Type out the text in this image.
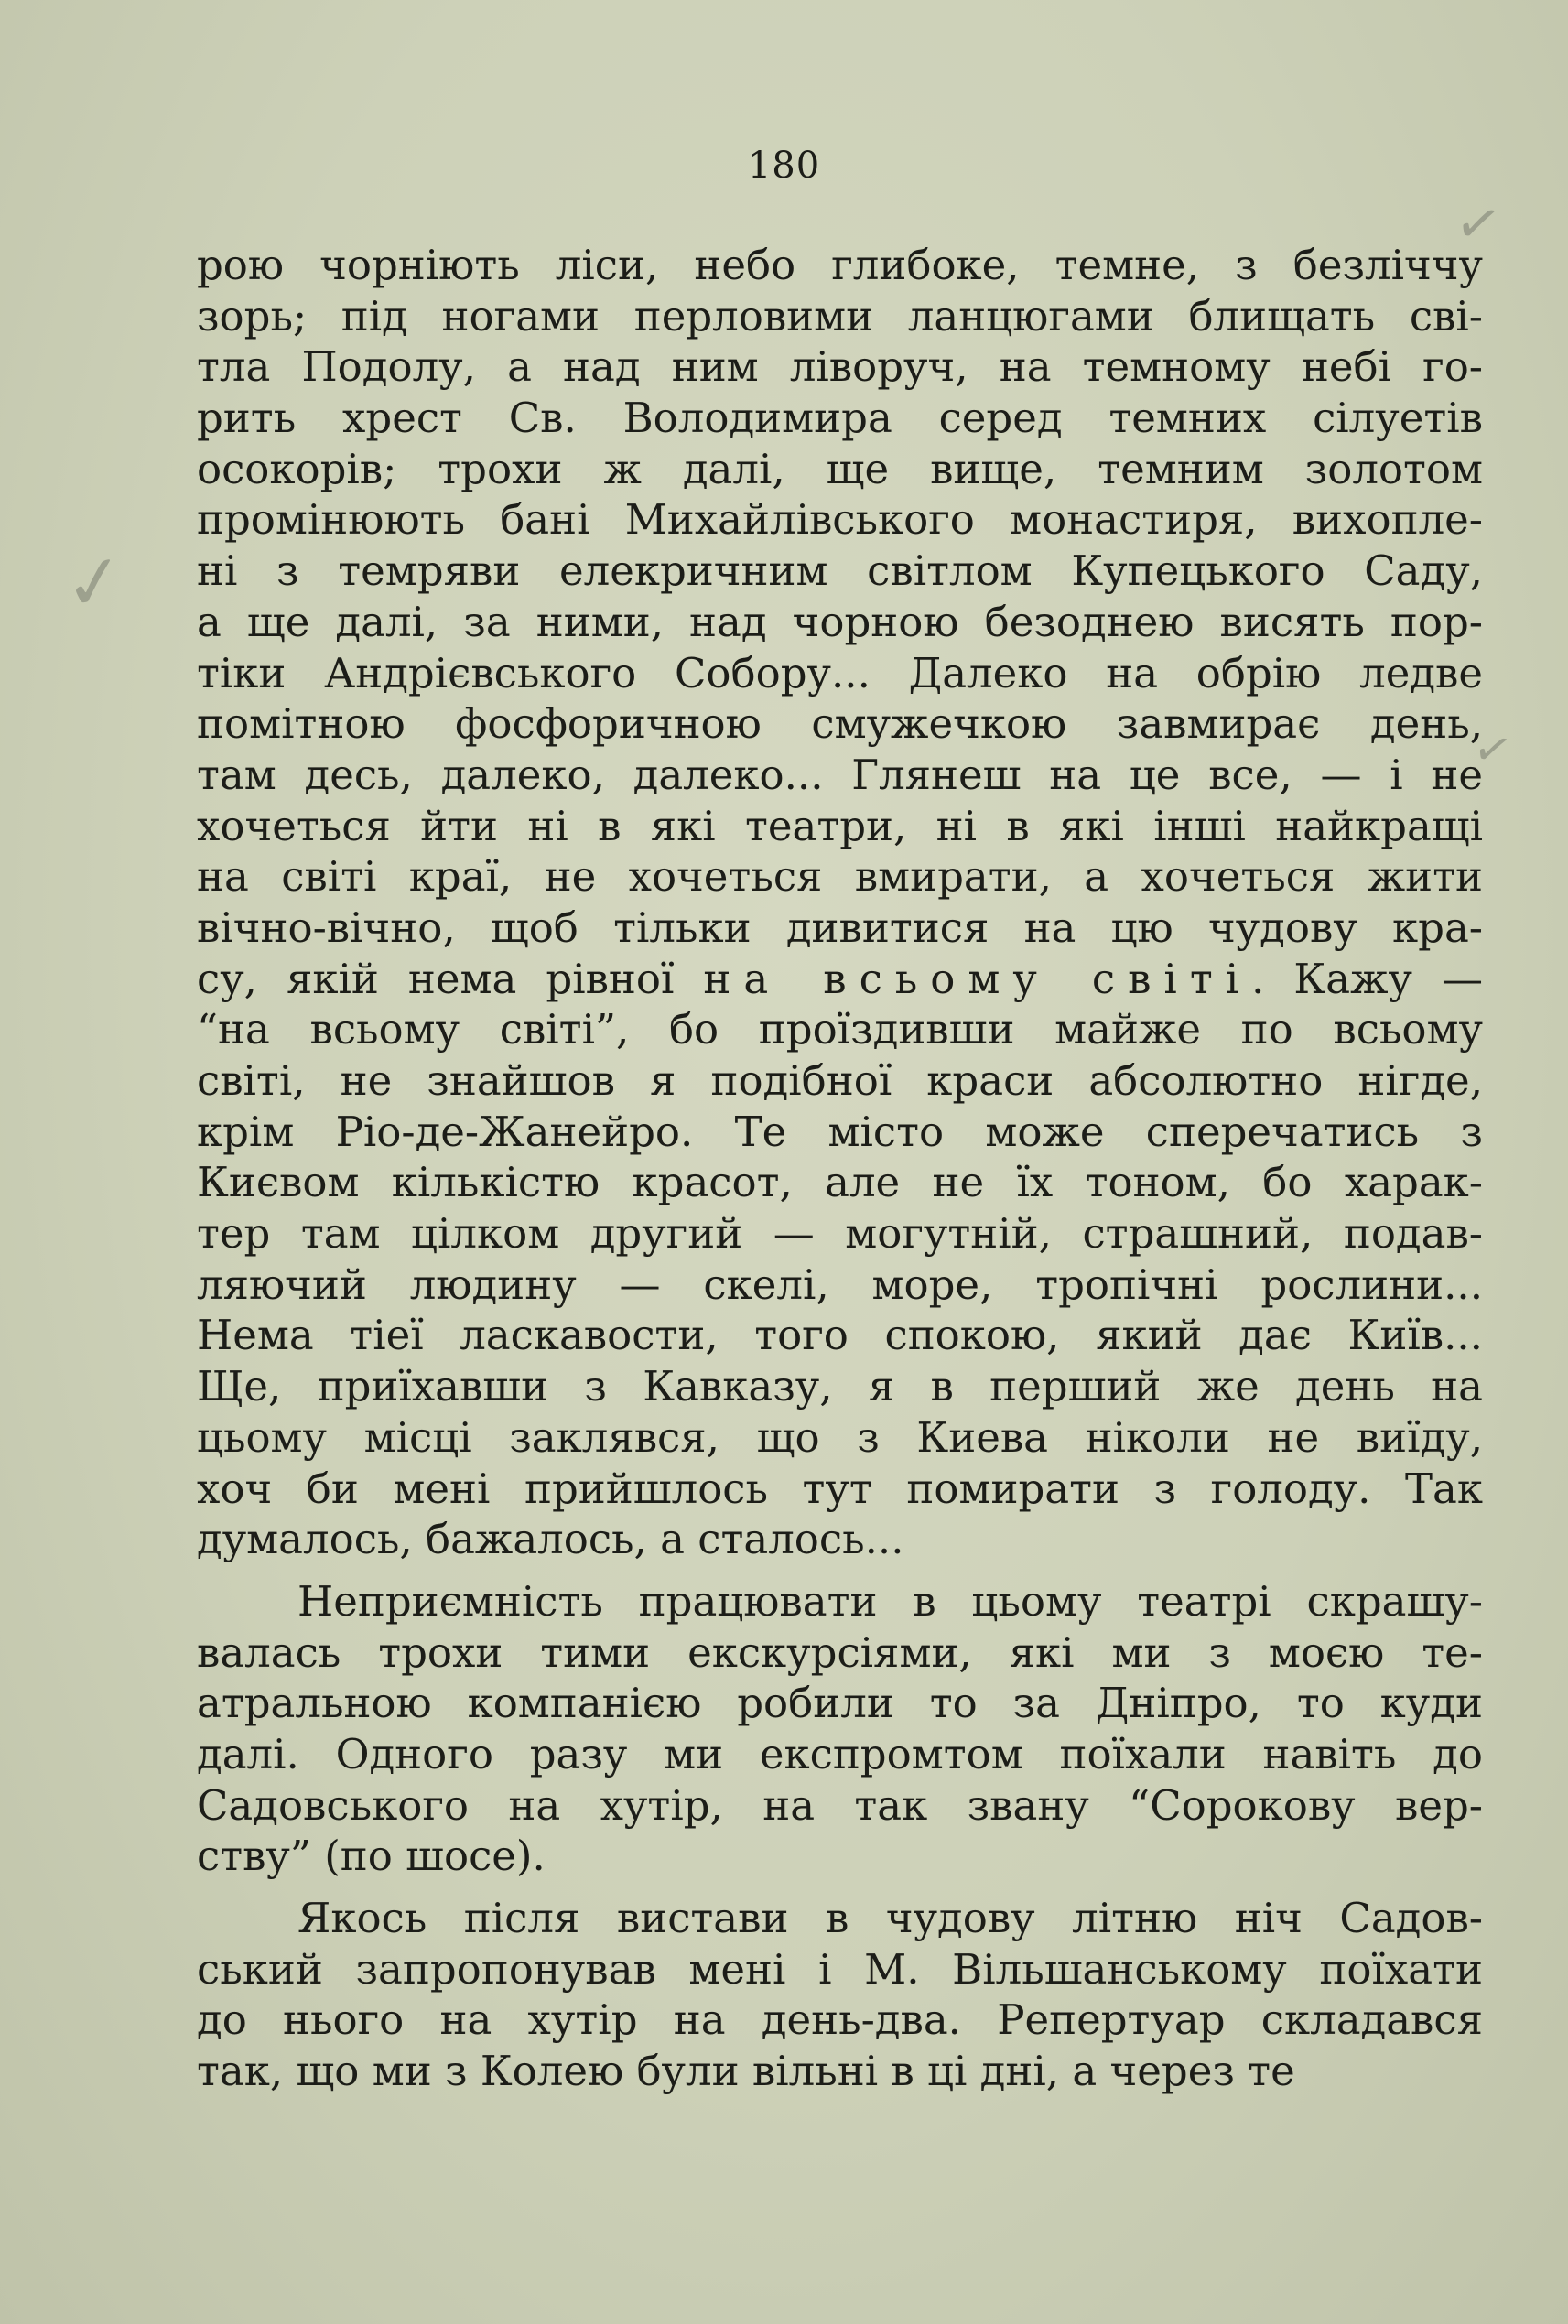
180
✓
✓
✓
рою чорніють ліси, небо глибоке, темне, з безліччу
зорь; під ногами перловими ланцюгами блищать сві-
тла Подолу, а над ним ліворуч, на темному небі го-
рить хрест Св. Володимира серед темних сілуетів
осокорів; трохи ж далі, ще вище, темним золотом
промінюють бані Михайлівського монастиря, вихопле-
ні з темряви елекричним світлом Купецького Саду,
а ще далі, за ними, над чорною безоднею висять пор-
тіки Андрієвського Собору... Далеко на обрію ледве
помітною фосфоричною смужечкою завмирає день,
там десь, далеко, далеко... Глянеш на це все, — і не
хочеться йти ні в які театри, ні в які інші найкращі
на світі краї, не хочеться вмирати, а хочеться жити
вічно-вічно, щоб тільки дивитися на цю чудову кра-
су, якій нема рівної на всьому світі. Кажу —
“на всьому світі”, бо проїздивши майже по всьому
світі, не знайшов я подібної краси абсолютно нігде,
крім Ріо-де-Жанейро. Те місто може сперечатись з
Києвом кількістю красот, але не їх тоном, бо харак-
тер там цілком другий — могутній, страшний, подав-
ляючий людину — скелі, море, тропічні рослини...
Нема тіеї ласкавости, того спокою, який дає Київ...
Ще, приїхавши з Кавказу, я в перший же день на
цьому місці заклявся, що з Киева ніколи не виїду,
хоч би мені прийшлось тут помирати з голоду. Так
думалось, бажалось, а сталось...
Неприємність працювати в цьому театрі скрашу-
валась трохи тими екскурсіями, які ми з моєю те-
атральною компанією робили то за Дніпро, то куди
далі. Одного разу ми експромтом поїхали навіть до
Садовського на хутір, на так звану “Сорокову вер-
ству” (по шосе).
Якось після вистави в чудову літню ніч Садов-
ський запропонував мені і М. Вільшанському поїхати
до нього на хутір на день-два. Репертуар складався
так, що ми з Колею були вільні в ці дні, а через те
